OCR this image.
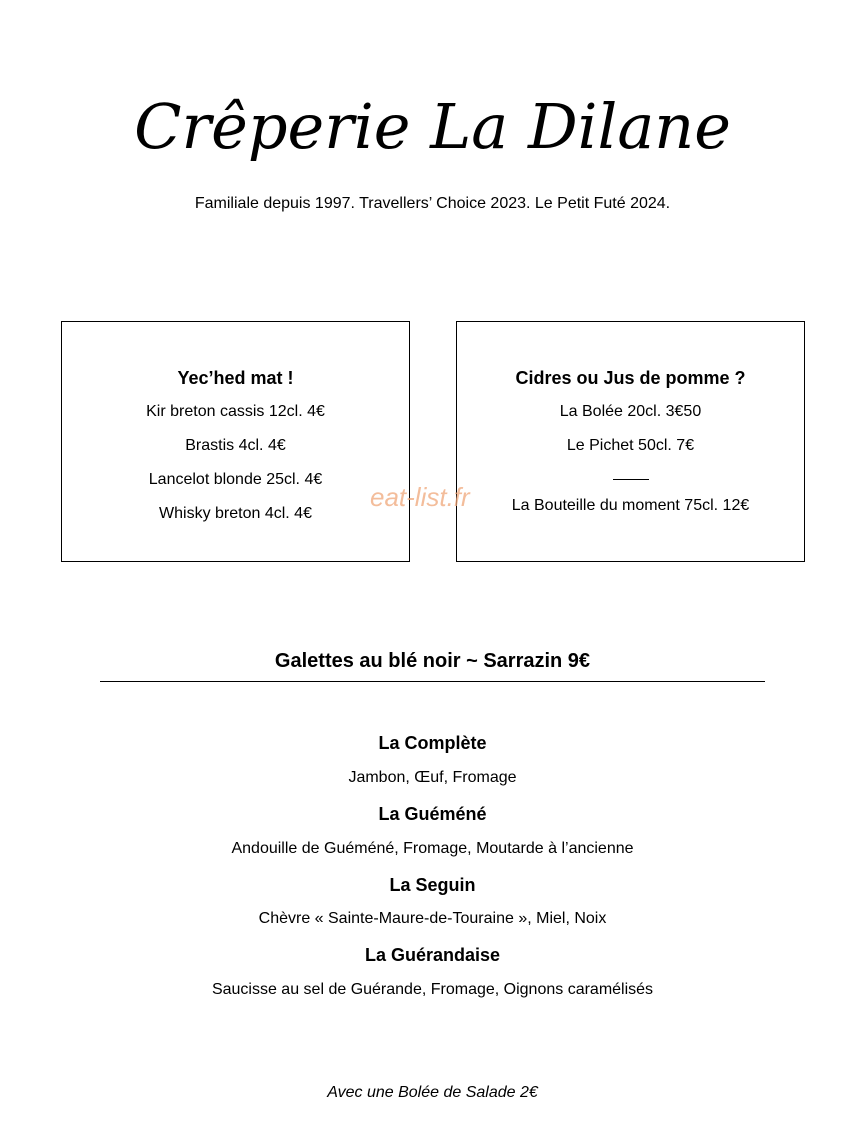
Crêperie La Dilane
Familiale depuis 1997. Travellers’ Choice 2023. Le Petit Futé 2024.
Yec’hed mat !
Kir breton cassis 12cl. 4€
Brastis 4cl. 4€
Lancelot blonde 25cl. 4€
Whisky breton 4cl. 4€
Cidres ou Jus de pomme ?
La Bolée 20cl. 3€50
Le Pichet 50cl. 7€
La Bouteille du moment 75cl. 12€
eat-list.fr
Galettes au blé noir ~ Sarrazin 9€
La Complète
Jambon, Œuf, Fromage
La Guéméné
Andouille de Guéméné, Fromage, Moutarde à l’ancienne
La Seguin
Chèvre « Sainte-Maure-de-Touraine », Miel, Noix
La Guérandaise
Saucisse au sel de Guérande, Fromage, Oignons caramélisés
Avec une Bolée de Salade 2€
